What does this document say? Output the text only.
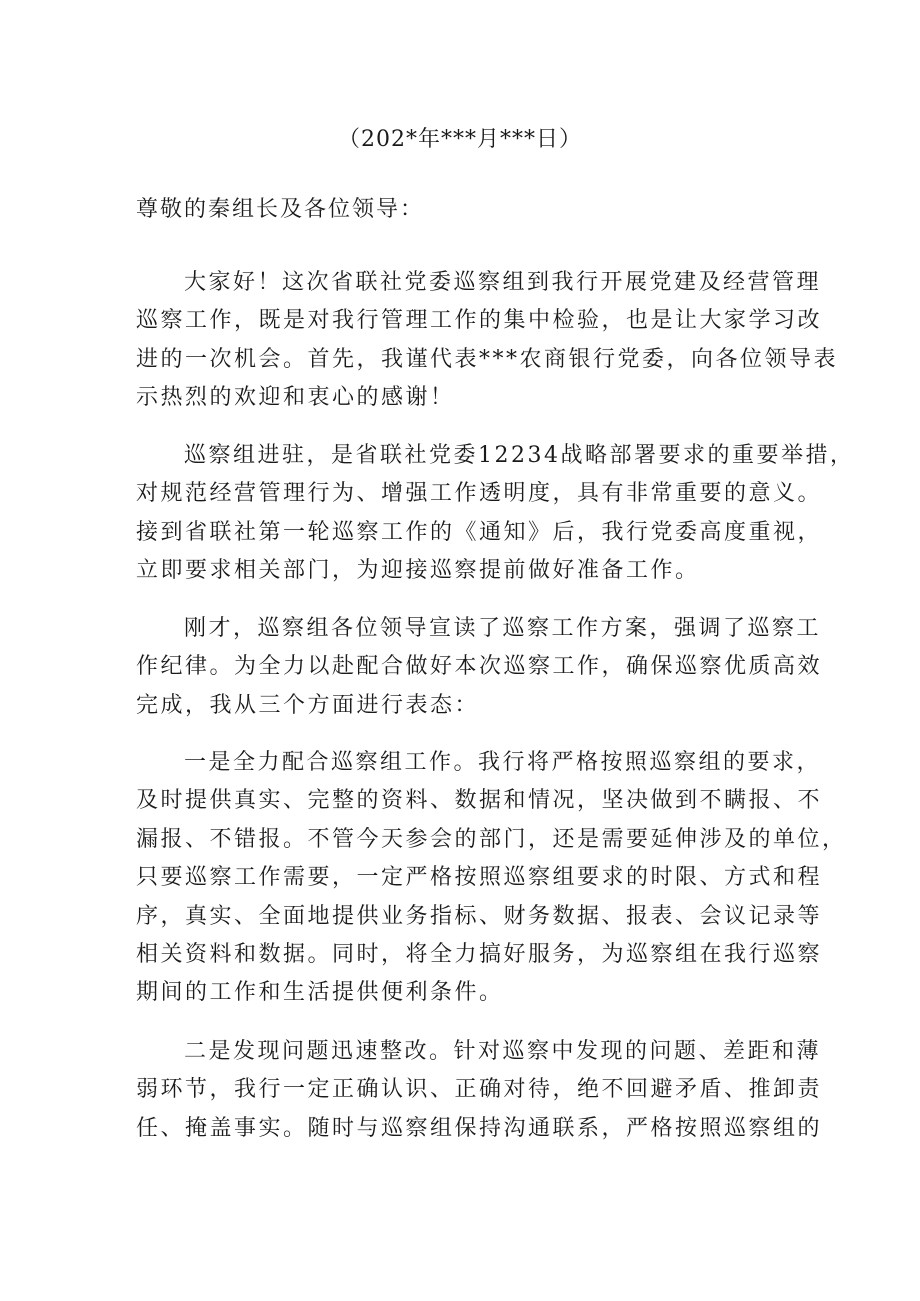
（202*年***月***日）
尊敬的秦组长及各位领导：
大家好！这次省联社党委巡察组到我行开展党建及经营管理
巡察工作，既是对我行管理工作的集中检验，也是让大家学习改
进的一次机会。首先，我谨代表***农商银行党委，向各位领导表
示热烈的欢迎和衷心的感谢！
巡察组进驻，是省联社党委12234战略部署要求的重要举措，
对规范经营管理行为、增强工作透明度，具有非常重要的意义。
接到省联社第一轮巡察工作的《通知》后，我行党委高度重视，
立即要求相关部门，为迎接巡察提前做好准备工作。
刚才，巡察组各位领导宣读了巡察工作方案，强调了巡察工
作纪律。为全力以赴配合做好本次巡察工作，确保巡察优质高效
完成，我从三个方面进行表态：
一是全力配合巡察组工作。我行将严格按照巡察组的要求，
及时提供真实、完整的资料、数据和情况，坚决做到不瞒报、不
漏报、不错报。不管今天参会的部门，还是需要延伸涉及的单位，
只要巡察工作需要，一定严格按照巡察组要求的时限、方式和程
序，真实、全面地提供业务指标、财务数据、报表、会议记录等
相关资料和数据。同时，将全力搞好服务，为巡察组在我行巡察
期间的工作和生活提供便利条件。
二是发现问题迅速整改。针对巡察中发现的问题、差距和薄
弱环节，我行一定正确认识、正确对待，绝不回避矛盾、推卸责
任、掩盖事实。随时与巡察组保持沟通联系，严格按照巡察组的
